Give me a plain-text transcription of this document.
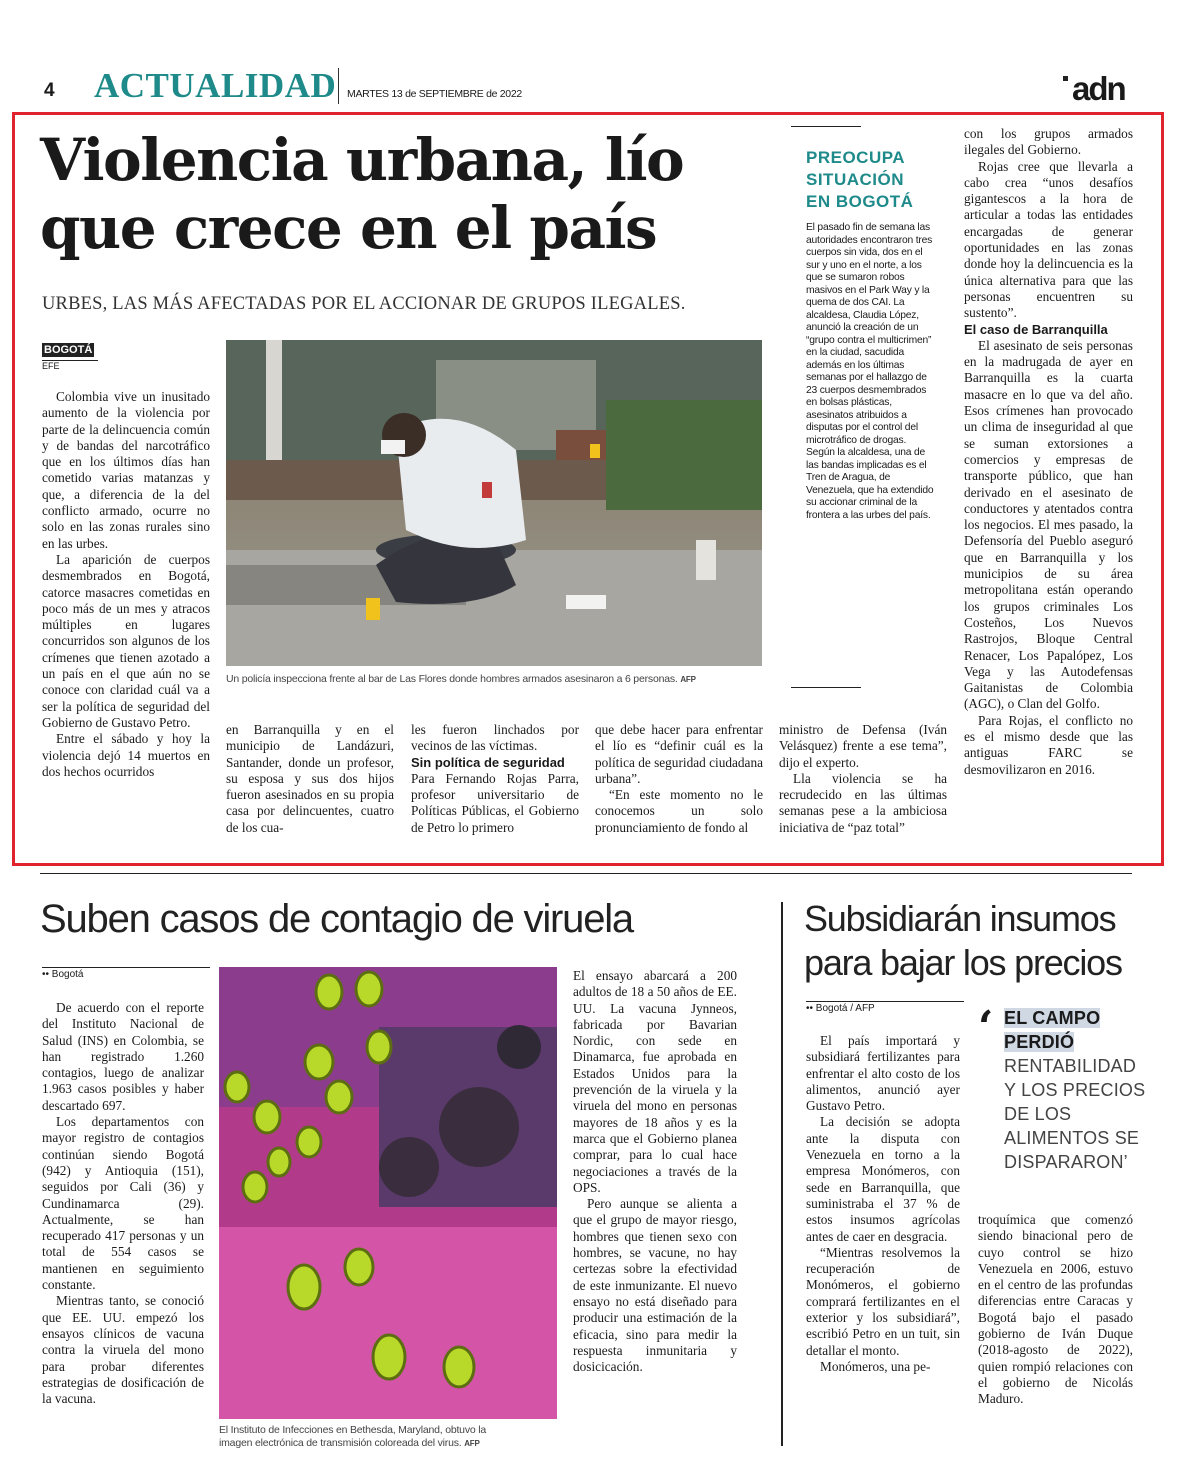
4 ACTUALIDAD MARTES 13 de SEPTIEMBRE de 2022	adn
Violencia urbana, lío
que crece en el país
URBES, LAS MÁS AFECTADAS POR EL ACCIONAR DE GRUPOS ILEGALES.
BOGOTÁ
EFE
Un policía inspecciona frente al bar de Las Flores donde hombres armados asesinaron a 6 personas. AFP

Colombia vive un inusitado aumento de la violencia por parte de la delincuencia común y de bandas del narcotráfico que en los últimos días han cometido varias matanzas y que, a diferencia de la del conflicto armado, ocurre no solo en las zonas rurales sino en las urbes.

La aparición de cuerpos desmembrados en Bogotá, catorce masacres cometidas en poco más de un mes y atracos múltiples en lugares concurridos son algunos de los crímenes que tienen azotado a un país en el que aún no se conoce con claridad cuál va a ser la política de seguridad del Gobierno de Gustavo Petro.

Entre el sábado y hoy la violencia dejó 14 muertos en dos hechos ocurridos

en Barranquilla y en el municipio de Landázuri, Santander, donde un profesor, su esposa y sus dos hijos fueron asesinados en su propia casa por delincuentes, cuatro de los cua-

les fueron linchados por vecinos de las víctimas.

Sin política de seguridad

Para Fernando Rojas Parra, profesor universitario de Políticas Públicas, el Gobierno de Petro lo primero

que debe hacer para enfrentar el lío es “definir cuál es la política de seguridad ciudadana urbana”.

“En este momento no le conocemos un solo pronunciamiento de fondo al

ministro de Defensa (Iván Velásquez) frente a ese tema”, dijo el experto.

Lla violencia se ha recrudecido en las últimas semanas pese a la ambiciosa iniciativa de “paz total”

PREOCUPA
SITUACIÓN
EN BOGOTÁ
El pasado fin de semana las autoridades encontraron tres cuerpos sin vida, dos en el sur y uno en el norte, a los que se sumaron robos masivos en el Park Way y la quema de dos CAI. La alcaldesa, Claudia López, anunció la creación de un “grupo contra el multicrimen” en la ciudad, sacudida además en los últimas semanas por el hallazgo de 23 cuerpos desmembrados en bolsas plásticas, asesinatos atribuidos a disputas por el control del microtráfico de drogas. Según la alcaldesa, una de las bandas implicadas es el Tren de Aragua, de Venezuela, que ha extendido su accionar criminal de la frontera a las urbes del país.

con los grupos armados ilegales del Gobierno.

Rojas cree que llevarla a cabo crea “unos desafíos gigantescos a la hora de articular a todas las entidades encargadas de generar oportunidades en las zonas donde hoy la delincuencia es la única alternativa para que las personas encuentren su sustento”.

El caso de Barranquilla

El asesinato de seis personas en la madrugada de ayer en Barranquilla es la cuarta masacre en lo que va del año. Esos crímenes han provocado un clima de inseguridad al que se suman extorsiones a comercios y empresas de transporte público, que han derivado en el asesinato de conductores y atentados contra los negocios. El mes pasado, la Defensoría del Pueblo aseguró que en Barranquilla y los municipios de su área metropolitana están operando los grupos criminales Los Costeños, Los Nuevos Rastrojos, Bloque Central Renacer, Los Papalópez, Los Vega y las Autodefensas Gaitanistas de Colombia (AGC), o Clan del Golfo.

Para Rojas, el conflicto no es el mismo desde que las antiguas FARC se desmovilizaron en 2016.

Suben casos de contagio de viruela
•• Bogotá

De acuerdo con el reporte del Instituto Nacional de Salud (INS) en Colombia, se han registrado 1.260 contagios, luego de analizar 1.963 casos posibles y haber descartado 697.

Los departamentos con mayor registro de contagios continúan siendo Bogotá (942) y Antioquia (151), seguidos por Cali (36) y Cundinamarca (29). Actualmente, se han recuperado 417 personas y un total de 554 casos se mantienen en seguimiento constante.

Mientras tanto, se conoció que EE. UU. empezó los ensayos clínicos de vacuna contra la viruela del mono para probar diferentes estrategias de dosificación de la vacuna.

El Instituto de Infecciones en Bethesda, Maryland, obtuvo la
imagen electrónica de transmisión coloreada del virus. AFP

El ensayo abarcará a 200 adultos de 18 a 50 años de EE. UU. La vacuna Jynneos, fabricada por Bavarian Nordic, con sede en Dinamarca, fue aprobada en Estados Unidos para la prevención de la viruela y la viruela del mono en personas mayores de 18 años y es la marca que el Gobierno planea comprar, para lo cual hace negociaciones a través de la OPS.

Pero aunque se alienta a que el grupo de mayor riesgo, hombres que tienen sexo con hombres, se vacune, no hay certezas sobre la efectividad de este inmunizante. El nuevo ensayo no está diseñado para producir una estimación de la eficacia, sino para medir la respuesta inmunitaria y dosicicación.

Subsidiarán insumos
para bajar los precios
•• Bogotá / AFP

El país importará y subsidiará fertilizantes para enfrentar el alto costo de los alimentos, anunció ayer Gustavo Petro.

La decisión se adopta ante la disputa con Venezuela en torno a la empresa Monómeros, con sede en Barranquilla, que suministraba el 37 % de estos insumos agrícolas antes de caer en desgracia.

“Mientras resolvemos la recuperación de Monómeros, el gobierno comprará fertilizantes en el exterior y los subsidiará”, escribió Petro en un tuit, sin detallar el monto.

Monómeros, una pe-

‘ EL CAMPO
PERDIÓ
RENTABILIDAD
Y LOS PRECIOS
DE LOS
ALIMENTOS SE
DISPARARON’

troquímica que comenzó siendo binacional pero de cuyo control se hizo Venezuela en 2006, estuvo en el centro de las profundas diferencias entre Caracas y Bogotá bajo el pasado gobierno de Iván Duque (2018-agosto de 2022), quien rompió relaciones con el gobierno de Nicolás Maduro.
